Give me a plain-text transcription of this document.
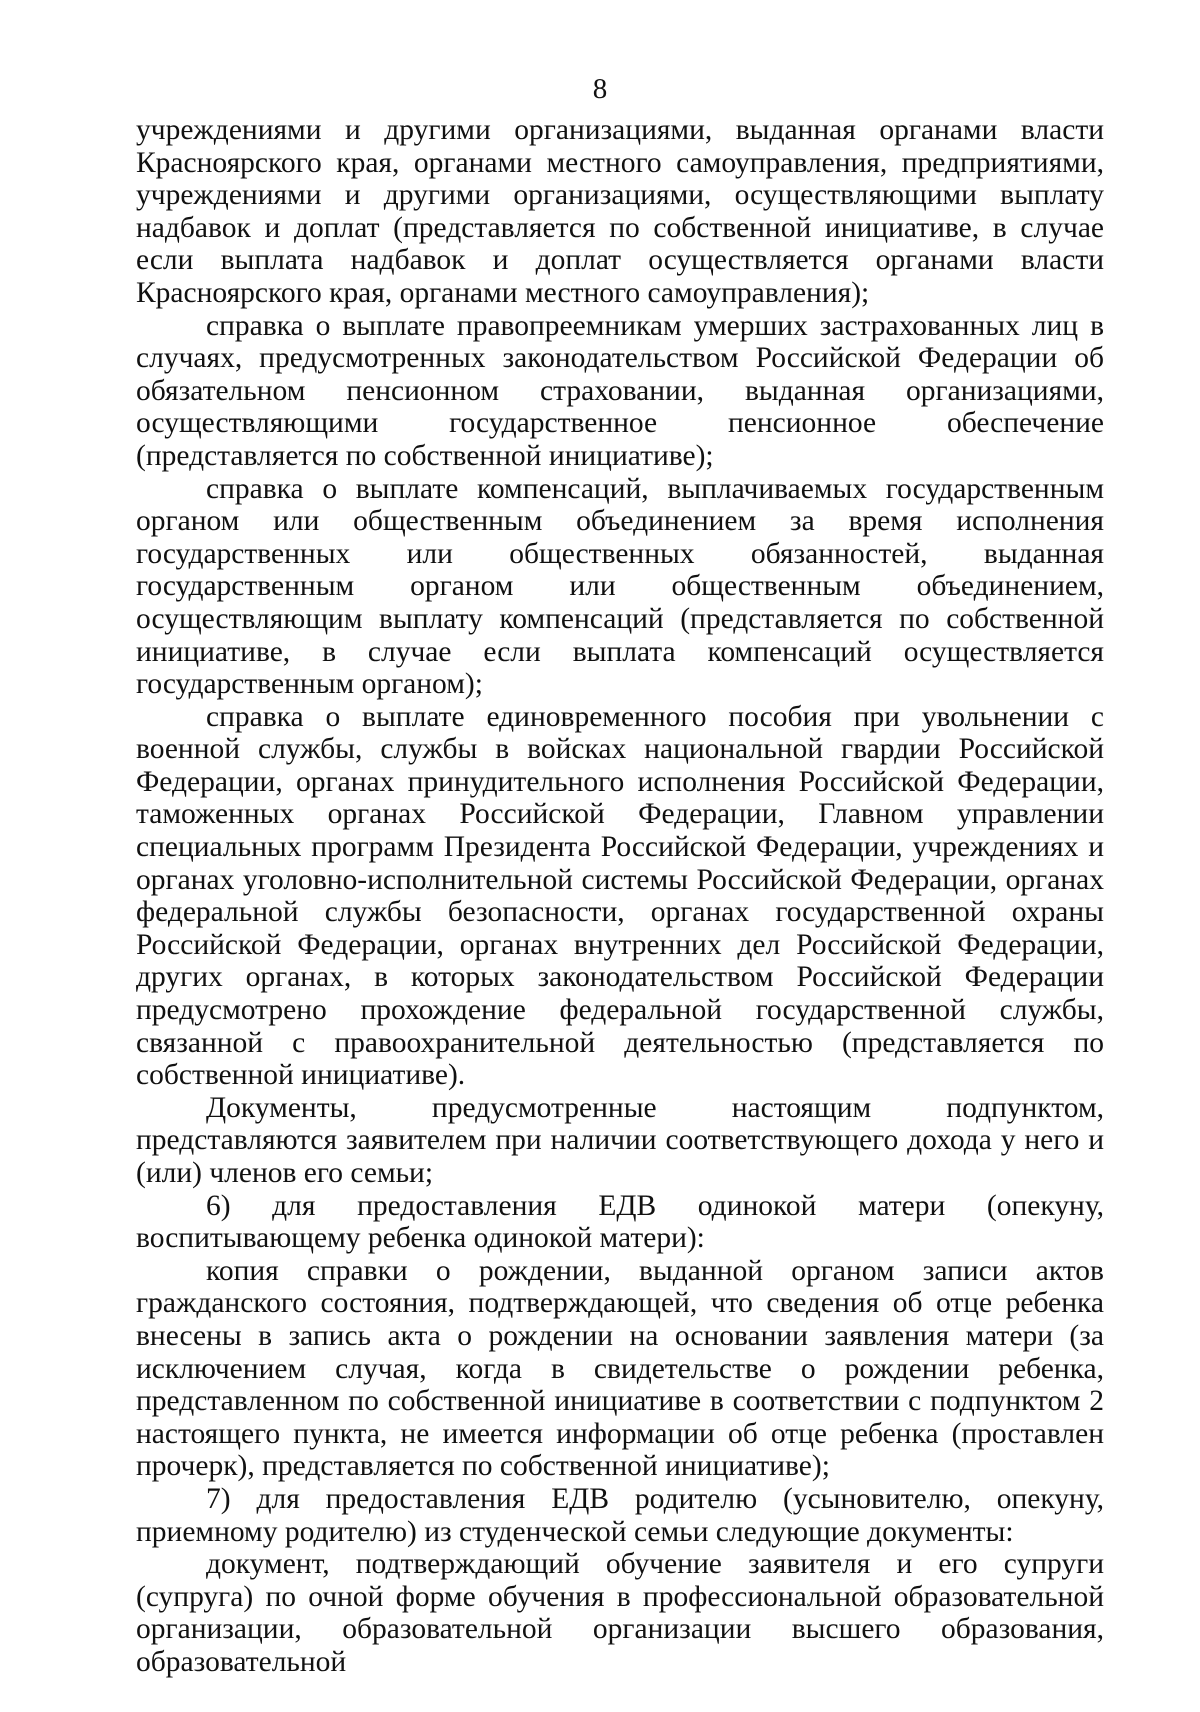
8

учреждениями и другими организациями, выданная органами власти Красноярского края, органами местного самоуправления, предприятиями, учреждениями и другими организациями, осуществляющими выплату надбавок и доплат (представляется по собственной инициативе, в случае если выплата надбавок и доплат осуществляется органами власти Красноярского края, органами местного самоуправления);

справка о выплате правопреемникам умерших застрахованных лиц в случаях, предусмотренных законодательством Российской Федерации об обязательном пенсионном страховании, выданная организациями, осуществляющими государственное пенсионное обеспечение (представляется по собственной инициативе);

справка о выплате компенсаций, выплачиваемых государственным органом или общественным объединением за время исполнения государственных или общественных обязанностей, выданная государственным органом или общественным объединением, осуществляющим выплату компенсаций (представляется по собственной инициативе, в случае если выплата компенсаций осуществляется государственным органом);

справка о выплате единовременного пособия при увольнении с военной службы, службы в войсках национальной гвардии Российской Федерации, органах принудительного исполнения Российской Федерации, таможенных органах Российской Федерации, Главном управлении специальных программ Президента Российской Федерации, учреждениях и органах уголовно-исполнительной системы Российской Федерации, органах федеральной службы безопасности, органах государственной охраны Российской Федерации, органах внутренних дел Российской Федерации, других органах, в которых законодательством Российской Федерации предусмотрено прохождение федеральной государственной службы, связанной с правоохранительной деятельностью (представляется по собственной инициативе).

Документы, предусмотренные настоящим подпунктом, представляются заявителем при наличии соответствующего дохода у него и (или) членов его семьи;

6) для предоставления ЕДВ одинокой матери (опекуну, воспитывающему ребенка одинокой матери):

копия справки о рождении, выданной органом записи актов гражданского состояния, подтверждающей, что сведения об отце ребенка внесены в запись акта о рождении на основании заявления матери (за исключением случая, когда в свидетельстве о рождении ребенка, представленном по собственной инициативе в соответствии с подпунктом 2 настоящего пункта, не имеется информации об отце ребенка (проставлен прочерк), представляется по собственной инициативе);

7) для предоставления ЕДВ родителю (усыновителю, опекуну, приемному родителю) из студенческой семьи следующие документы:

документ, подтверждающий обучение заявителя и его супруги (супруга) по очной форме обучения в профессиональной образовательной организации, образовательной организации высшего образования, образовательной
